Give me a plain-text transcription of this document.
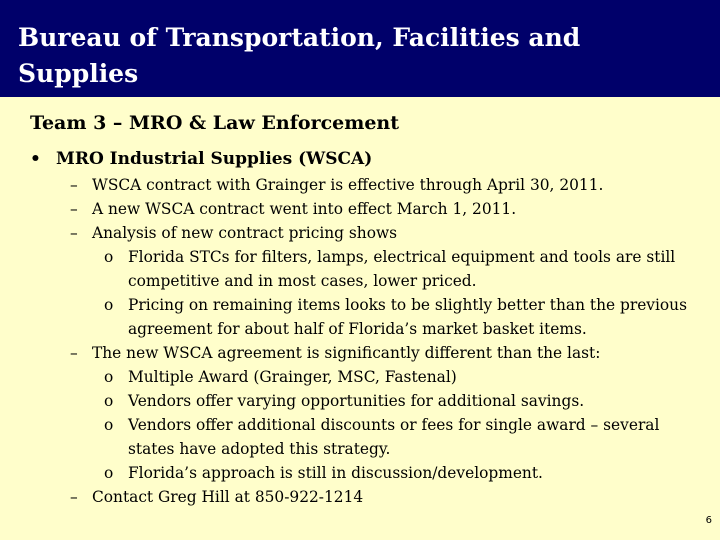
Bureau of Transportation, Facilities and Supplies
Team 3 – MRO & Law Enforcement
• MRO Industrial Supplies (WSCA)
– WSCA contract with Grainger is effective through April 30, 2011.
– A new WSCA contract went into effect March 1, 2011.
– Analysis of new contract pricing shows
o Florida STCs for filters, lamps, electrical equipment and tools are still competitive and in most cases, lower priced.
o Pricing on remaining items looks to be slightly better than the previous agreement for about half of Florida’s market basket items.
– The new WSCA agreement is significantly different than the last:
o Multiple Award (Grainger, MSC, Fastenal)
o Vendors offer varying opportunities for additional savings.
o Vendors offer additional discounts or fees for single award – several states have adopted this strategy.
o Florida’s approach is still in discussion/development.
– Contact Greg Hill at 850-922-1214
6
